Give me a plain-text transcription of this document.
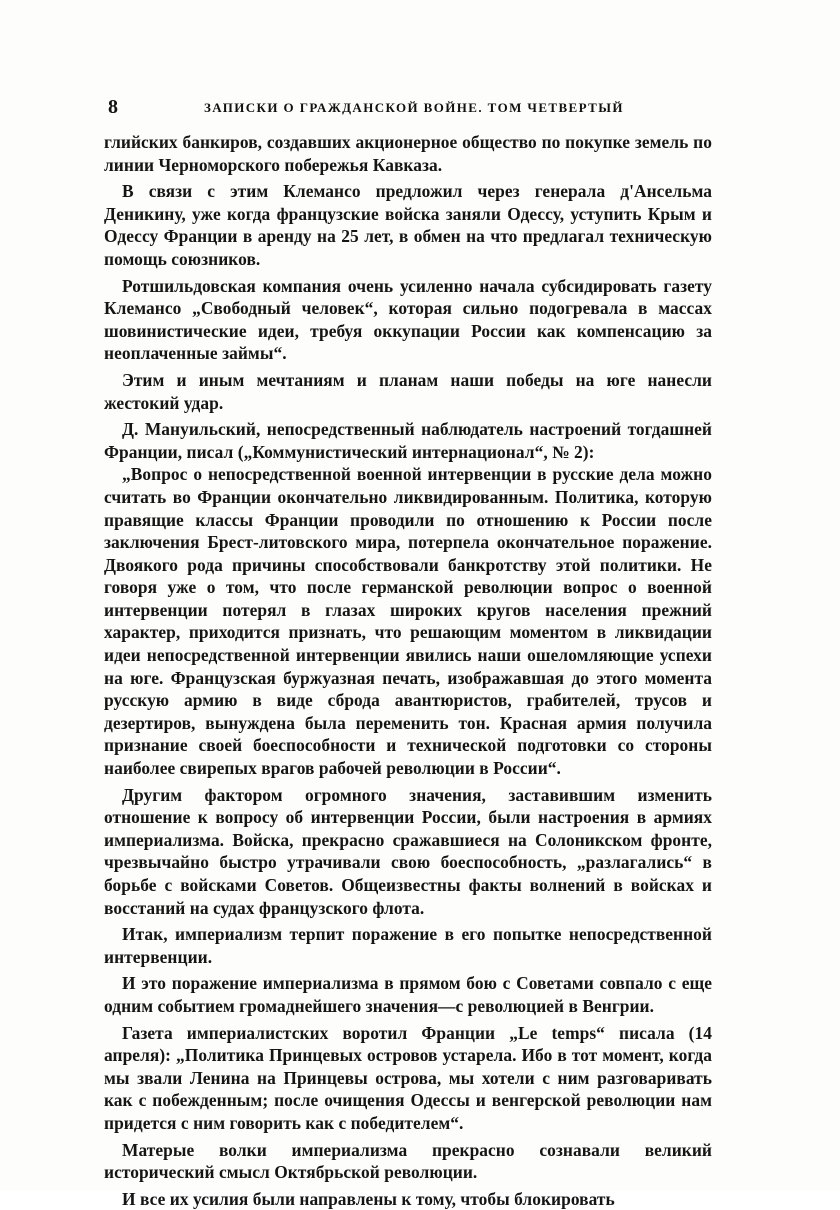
8	ЗАПИСКИ О ГРАЖДАНСКОЙ ВОЙНЕ. ТОМ ЧЕТВЕРТЫЙ

глийских банкиров, создавших акционерное общество по покупке земель по линии Черноморского побережья Кавказа.

В связи с этим Клемансо предложил через генерала д'Ансельма Деникину, уже когда французские войска заняли Одессу, уступить Крым и Одессу Франции в аренду на 25 лет, в обмен на что предлагал техническую помощь союзников.

Ротшильдовская компания очень усиленно начала субсидировать газету Клемансо „Свободный человек“, которая сильно подогревала в массах шовинистические идеи, требуя оккупации России как компенсацию за неоплаченные займы“.

Этим и иным мечтаниям и планам наши победы на юге нанесли жестокий удар.

Д. Мануильский, непосредственный наблюдатель настроений тогдашней Франции, писал („Коммунистический интернационал“, № 2):

„Вопрос о непосредственной военной интервенции в русские дела можно считать во Франции окончательно ликвидированным. Политика, которую правящие классы Франции проводили по отношению к России после заключения Брест-литовского мира, потерпела окончательное поражение. Двоякого рода причины способствовали банкротству этой политики. Не говоря уже о том, что после германской революции вопрос о военной интервенции потерял в глазах широких кругов населения прежний характер, приходится признать, что решающим моментом в ликвидации идеи непосредственной интервенции явились наши ошеломляющие успехи на юге. Французская буржуазная печать, изображавшая до этого момента русскую армию в виде сброда авантюристов, грабителей, трусов и дезертиров, вынуждена была переменить тон. Красная армия получила признание своей боеспособности и технической подготовки со стороны наиболее свирепых врагов рабочей революции в России“.

Другим фактором огромного значения, заставившим изменить отношение к вопросу об интервенции России, были настроения в армиях империализма. Войска, прекрасно сражавшиеся на Солоникском фронте, чрезвычайно быстро утрачивали свою боеспособность, „разлагались“ в борьбе с войсками Советов. Общеизвестны факты волнений в войсках и восстаний на судах французского флота.

Итак, империализм терпит поражение в его попытке непосредственной интервенции.

И это поражение империализма в прямом бою с Советами совпало с еще одним событием громаднейшего значения—с революцией в Венгрии.

Газета империалистских воротил Франции „Le temps“ писала (14 апреля): „Политика Принцевых островов устарела. Ибо в тот момент, когда мы звали Ленина на Принцевы острова, мы хотели с ним разговаривать как с побежденным; после очищения Одессы и венгерской революции нам придется с ним говорить как с победителем“.

Матерые волки империализма прекрасно сознавали великий исторический смысл Октябрьской революции.

И все их усилия были направлены к тому, чтобы блокировать
